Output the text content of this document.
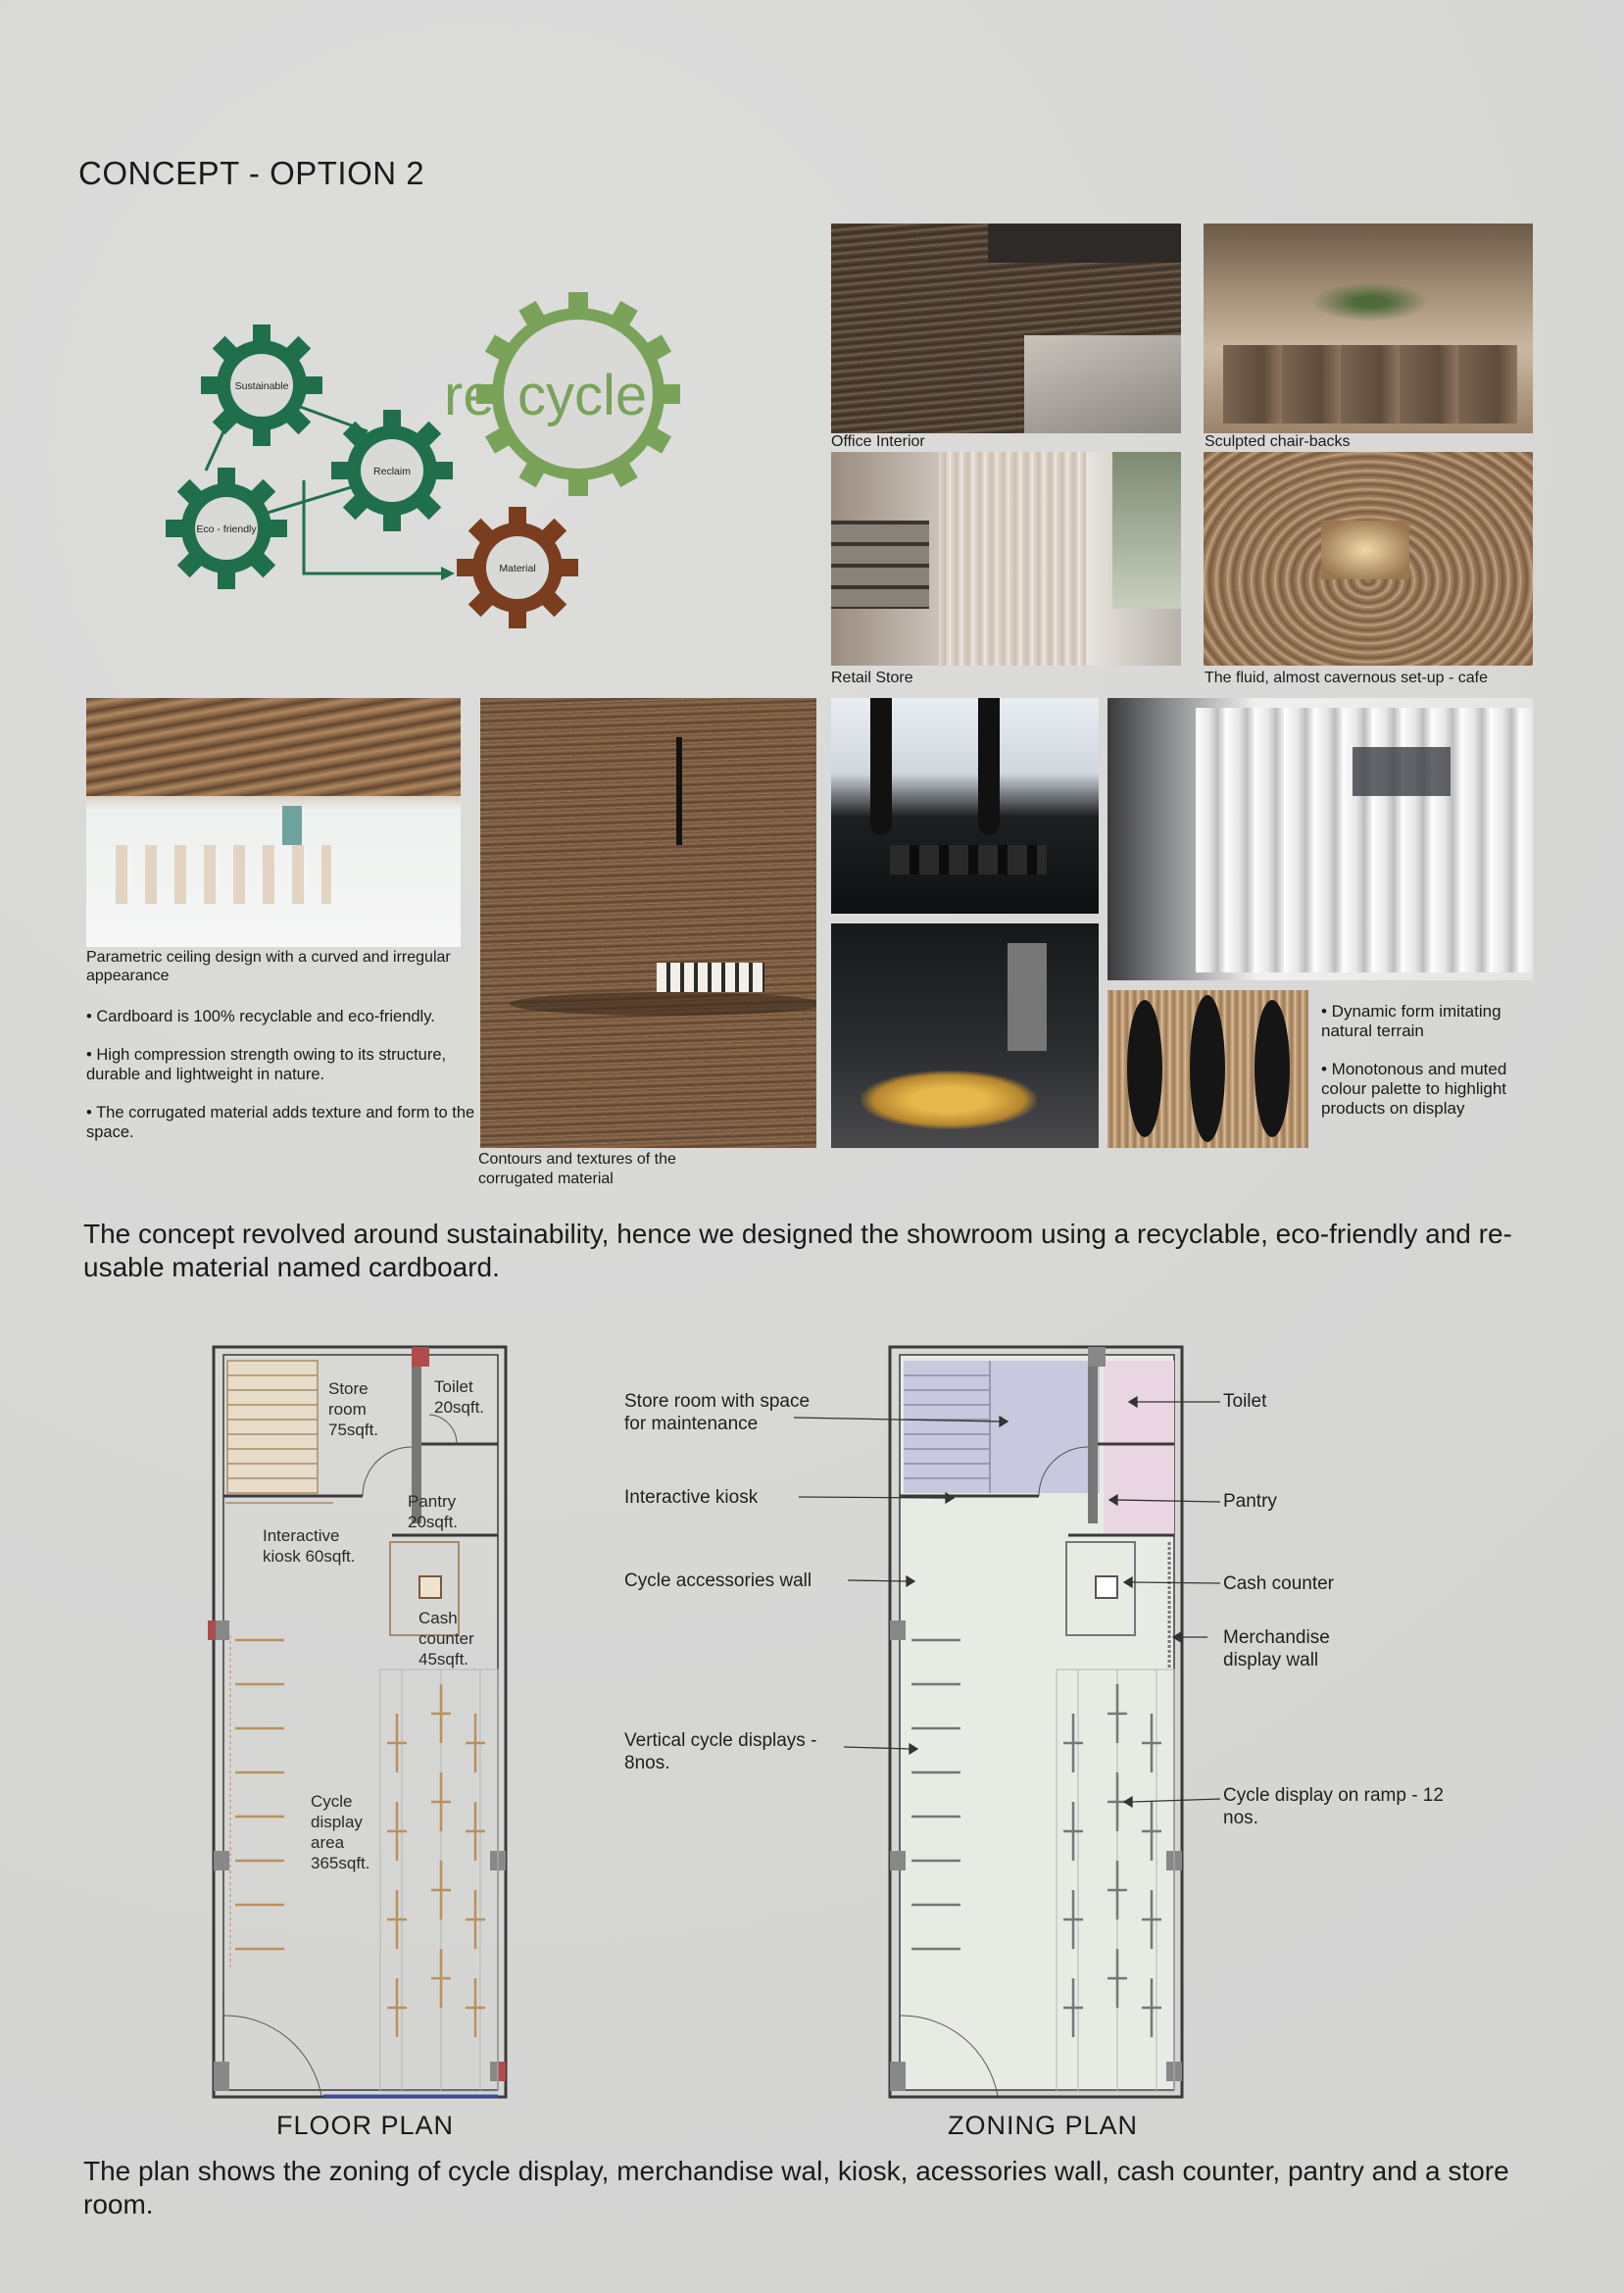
CONCEPT - OPTION 2
Sustainable
Reclaim
Eco - friendly
Material
re cycle
Office Interior	Sculpted chair-backs
Retail Store	The fluid, almost cavernous set-up - cafe
Parametric ceiling design with a curved and irregular appearance

• Cardboard is 100% recyclable and eco-friendly.

• High compression strength owing to its structure, durable and lightweight in nature.

• The corrugated material adds texture and form to the space.

Contours and textures of the
corrugated material

• Dynamic form imitating natural terrain

• Monotonous and muted colour palette to highlight products on display

The concept revolved around sustainability, hence we designed the showroom using a recyclable, eco-friendly and re-usable material named cardboard.
Store room 75sqft.
Toilet 20sqft.
Pantry 20sqft.
Interactive kiosk 60sqft.
Cash counter 45sqft.
Cycle display area 365sqft.
FLOOR PLAN
Store room with space for maintenance
Interactive kiosk
Cycle accessories wall
Vertical cycle displays - 8nos.
Toilet
Pantry
Cash counter
Merchandise display wall
Cycle display on ramp - 12 nos.
ZONING PLAN
The plan shows the zoning of cycle display, merchandise wal, kiosk, acessories wall, cash counter, pantry and a store room.
